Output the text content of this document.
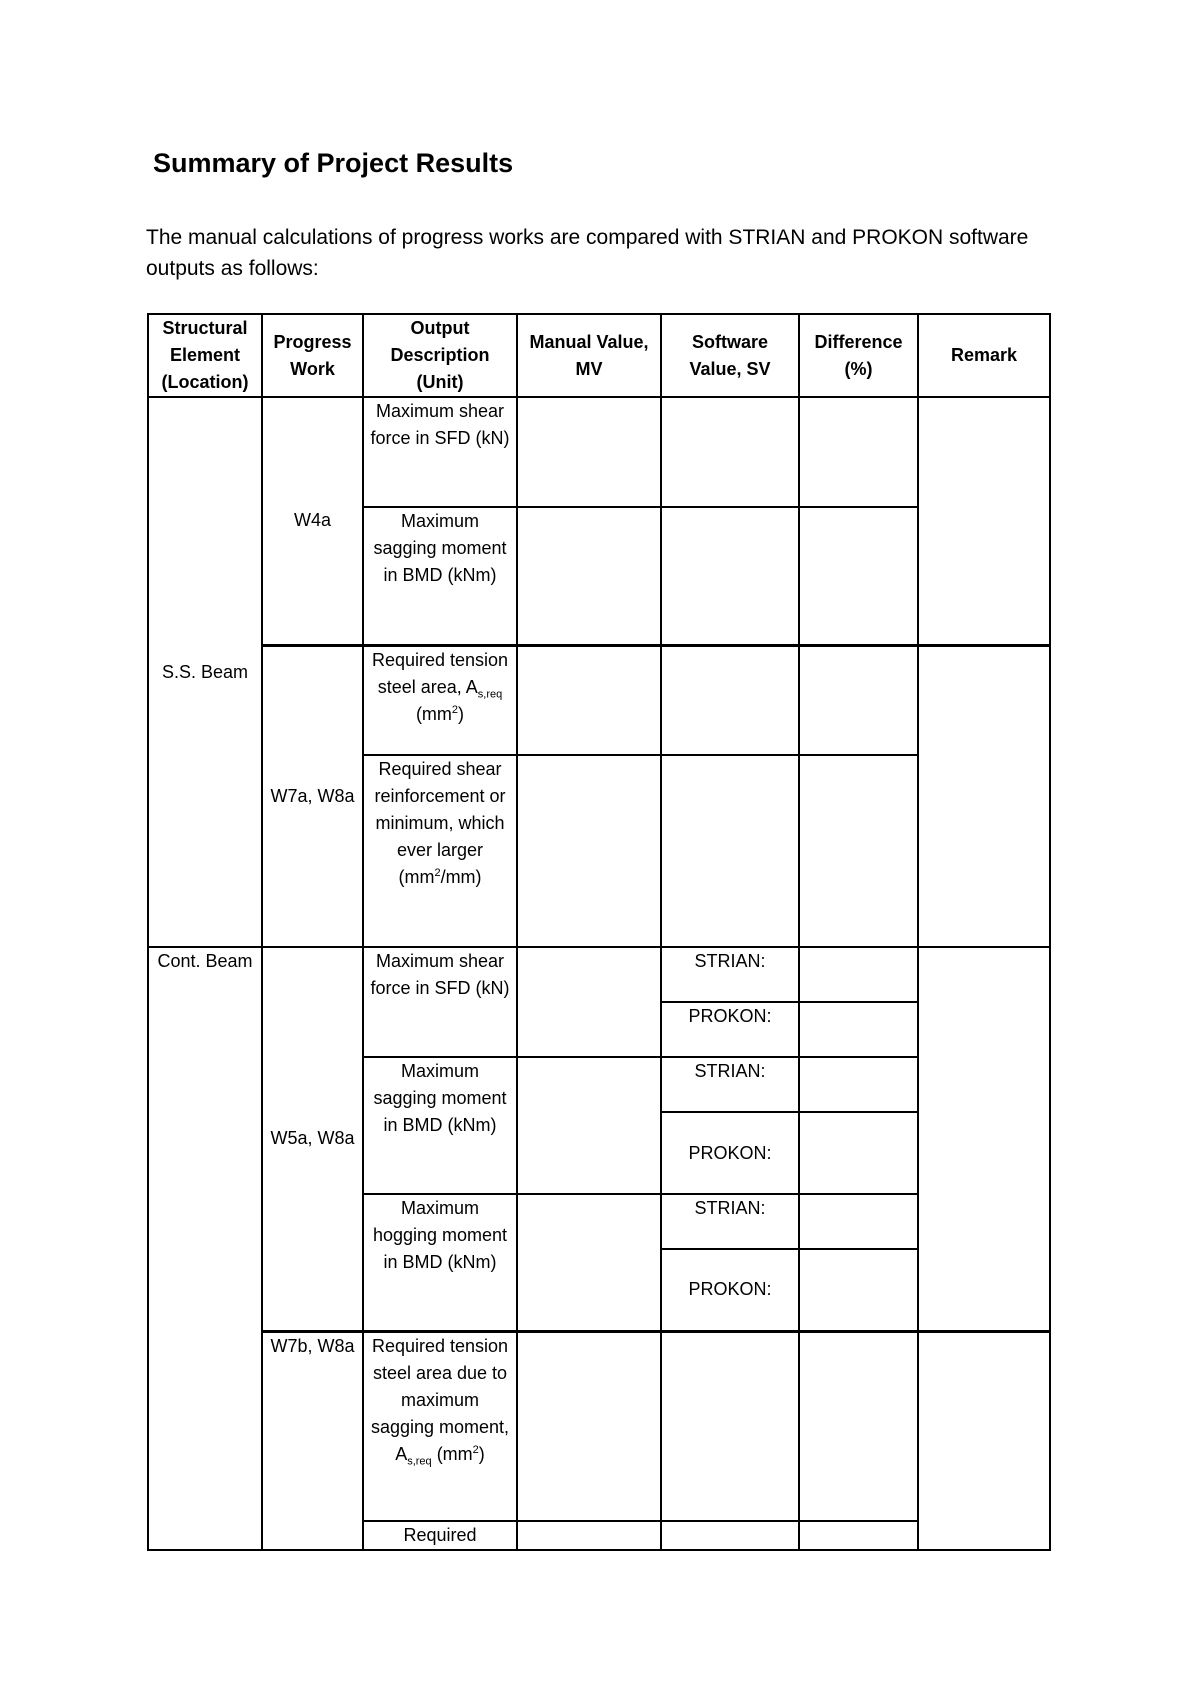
Summary of Project Results

The manual calculations of progress works are compared with STRIAN and PROKON software outputs as follows:

Structural Element (Location)	Progress Work	Output Description (Unit)	Manual Value, MV	Software Value, SV	Difference (%)	Remark
S.S. Beam	W4a	Maximum shear force in SFD (kN)				
		Maximum sagging moment in BMD (kNm)				
	W7a, W8a	Required tension steel area, $A_{s,req}$ $(mm^2)$				
		Required shear reinforcement or minimum, which ever larger $(mm^2/mm)$				
Cont. Beam	W5a, W8a	Maximum shear force in SFD (kN)		STRIAN:		
				PROKON:		
		Maximum sagging moment in BMD (kNm)		STRIAN:		
				PROKON:		
		Maximum hogging moment in BMD (kNm)		STRIAN:		
				PROKON:		
	W7b, W8a	Required tension steel area due to maximum sagging moment, $A_{s,req}$ $(mm^2)$				
		Required				
